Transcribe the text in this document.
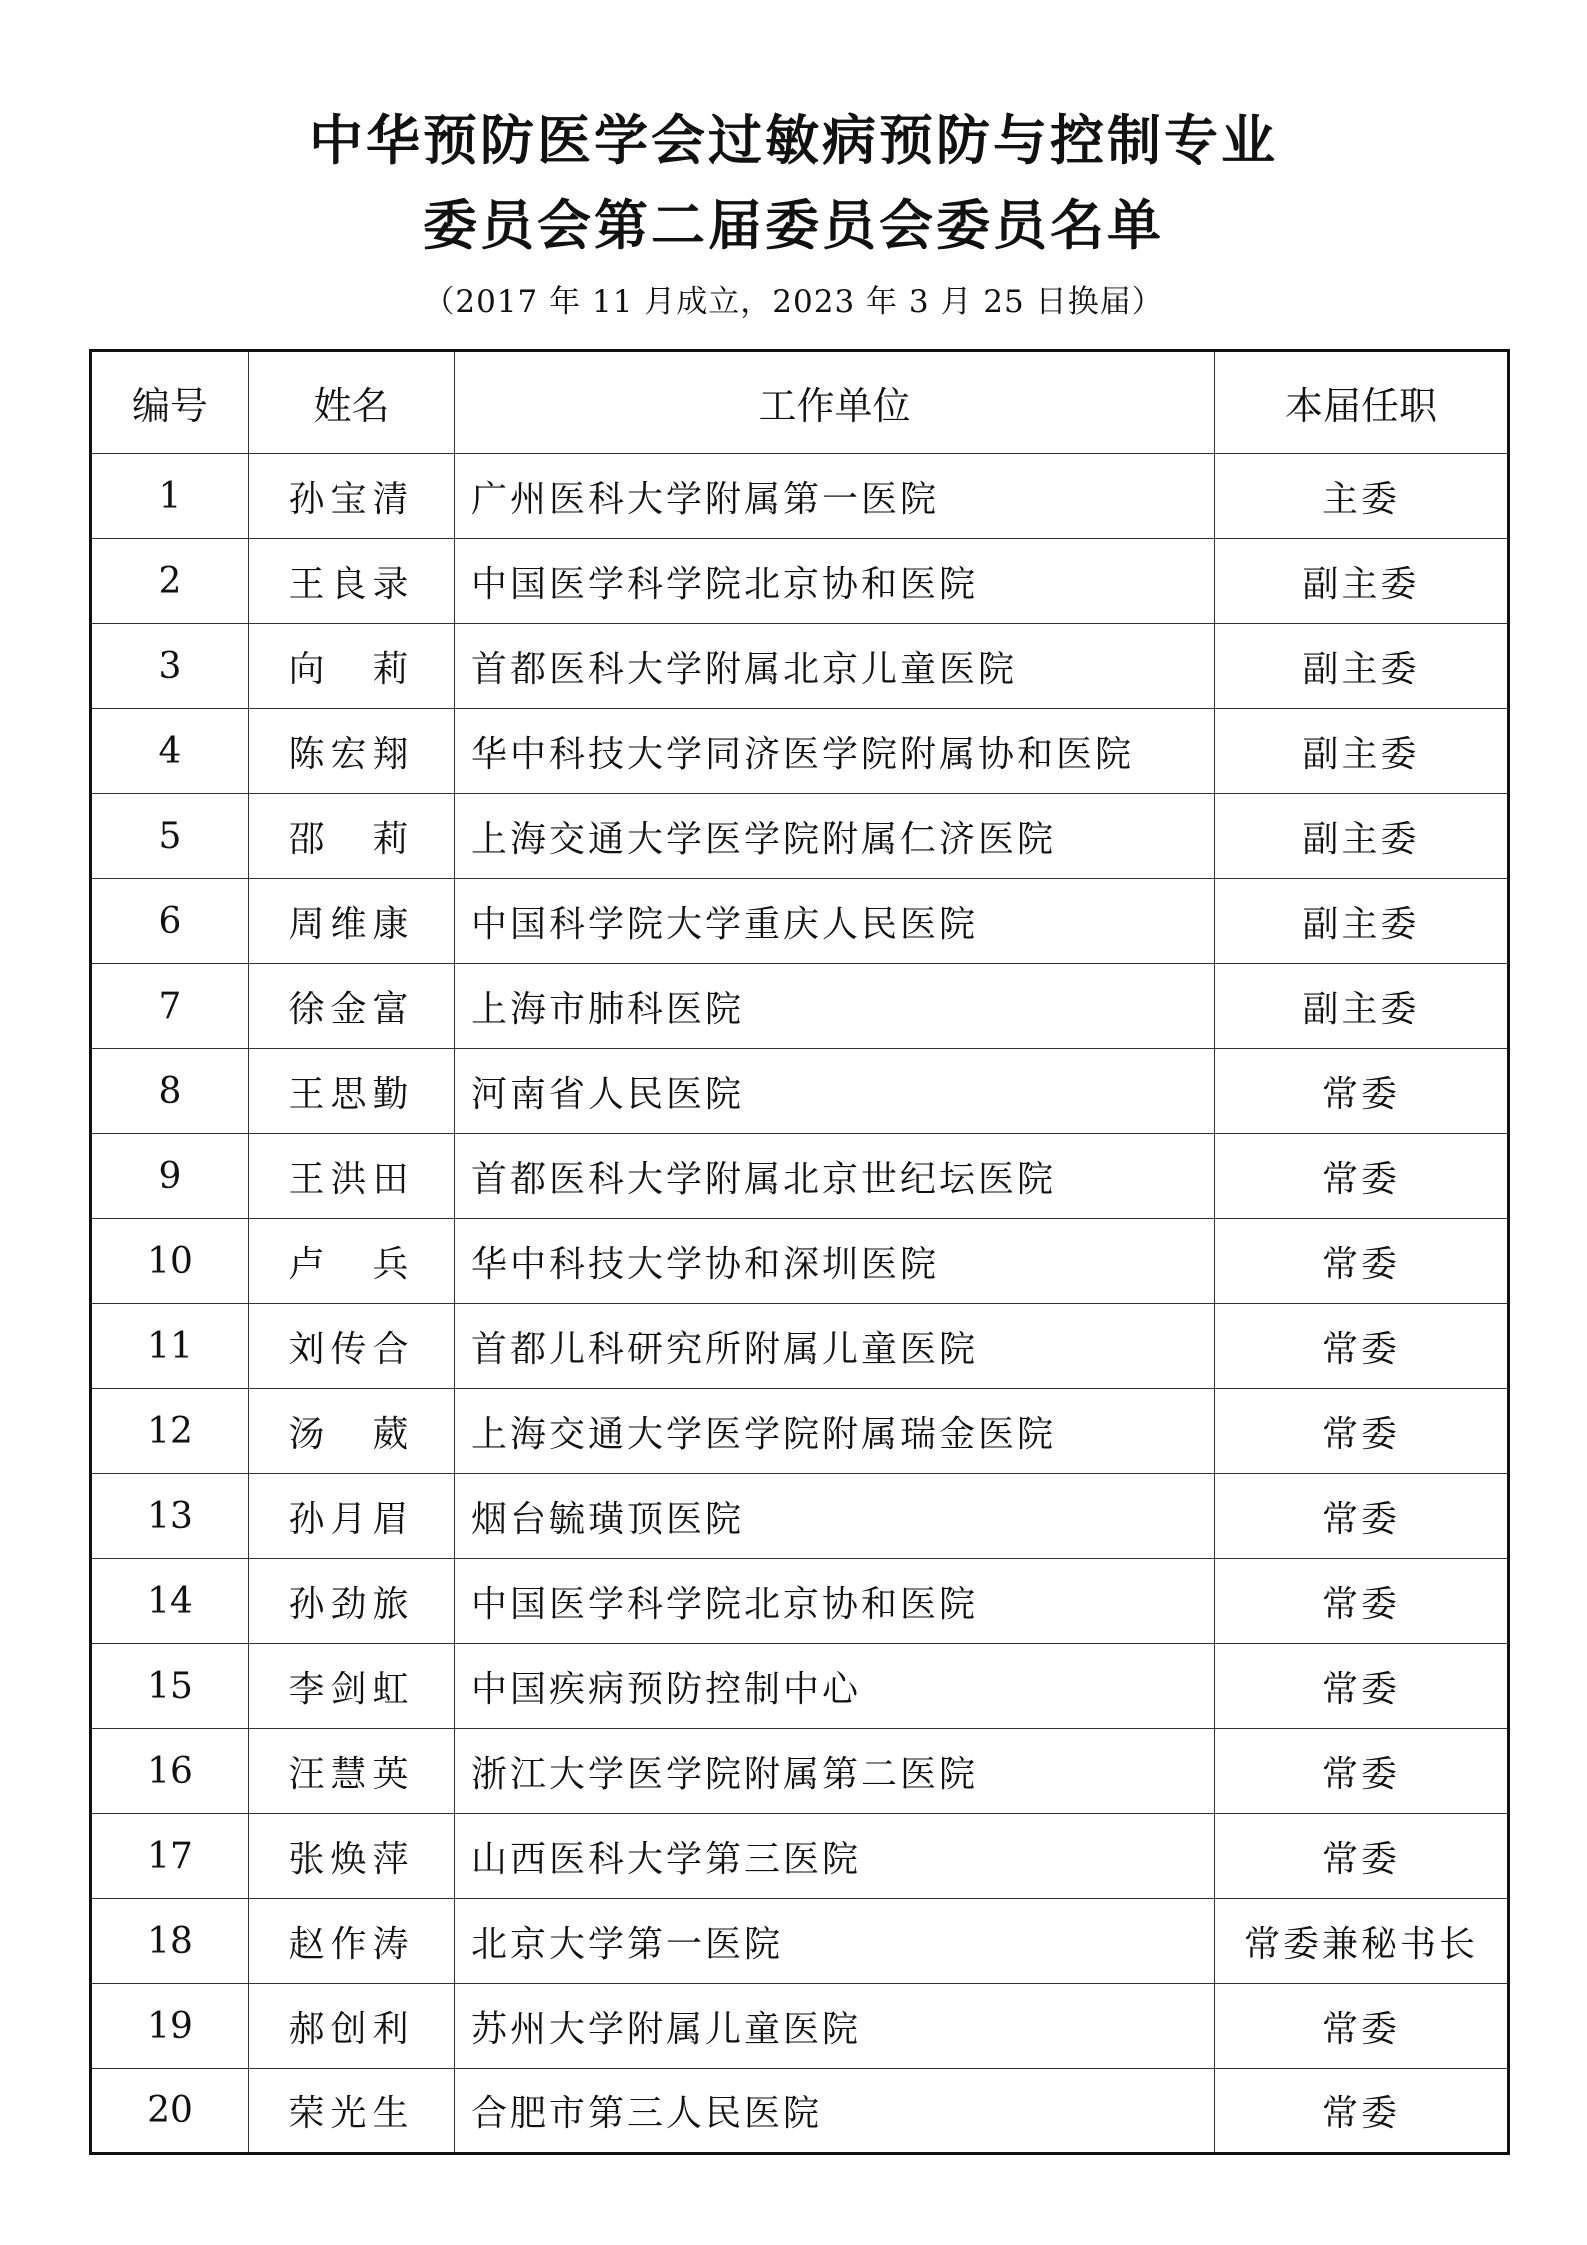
中华预防医学会过敏病预防与控制专业
委员会第二届委员会委员名单
（2017 年 11 月成立，2023 年 3 月 25 日换届）
编号	姓名	工作单位	本届任职
1	孙宝清	广州医科大学附属第一医院	主委
2	王良录	中国医学科学院北京协和医院	副主委
3	向　莉	首都医科大学附属北京儿童医院	副主委
4	陈宏翔	华中科技大学同济医学院附属协和医院	副主委
5	邵　莉	上海交通大学医学院附属仁济医院	副主委
6	周维康	中国科学院大学重庆人民医院	副主委
7	徐金富	上海市肺科医院	副主委
8	王思勤	河南省人民医院	常委
9	王洪田	首都医科大学附属北京世纪坛医院	常委
10	卢　兵	华中科技大学协和深圳医院	常委
11	刘传合	首都儿科研究所附属儿童医院	常委
12	汤　葳	上海交通大学医学院附属瑞金医院	常委
13	孙月眉	烟台毓璜顶医院	常委
14	孙劲旅	中国医学科学院北京协和医院	常委
15	李剑虹	中国疾病预防控制中心	常委
16	汪慧英	浙江大学医学院附属第二医院	常委
17	张焕萍	山西医科大学第三医院	常委
18	赵作涛	北京大学第一医院	常委兼秘书长
19	郝创利	苏州大学附属儿童医院	常委
20	荣光生	合肥市第三人民医院	常委
